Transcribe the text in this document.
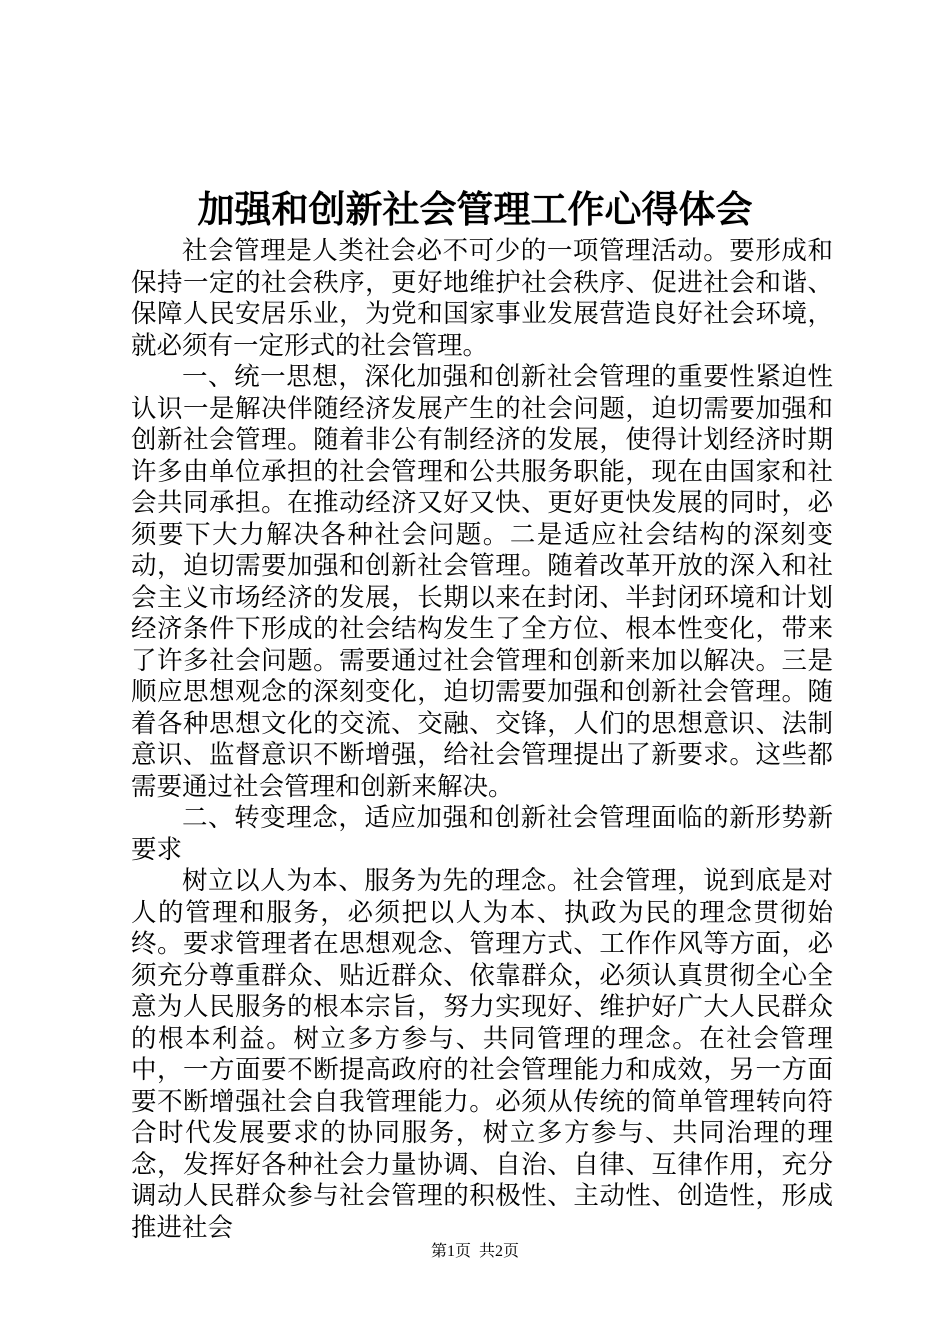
加强和创新社会管理工作心得体会

社会管理是人类社会必不可少的一项管理活动。要形成和保持一定的社会秩序，更好地维护社会秩序、促进社会和谐、保障人民安居乐业，为党和国家事业发展营造良好社会环境，就必须有一定形式的社会管理。

一、统一思想，深化加强和创新社会管理的重要性紧迫性认识一是解决伴随经济发展产生的社会问题，迫切需要加强和创新社会管理。随着非公有制经济的发展，使得计划经济时期许多由单位承担的社会管理和公共服务职能，现在由国家和社会共同承担。在推动经济又好又快、更好更快发展的同时，必须要下大力解决各种社会问题。二是适应社会结构的深刻变动，迫切需要加强和创新社会管理。随着改革开放的深入和社会主义市场经济的发展，长期以来在封闭、半封闭环境和计划经济条件下形成的社会结构发生了全方位、根本性变化，带来了许多社会问题。需要通过社会管理和创新来加以解决。三是顺应思想观念的深刻变化，迫切需要加强和创新社会管理。随着各种思想文化的交流、交融、交锋，人们的思想意识、法制意识、监督意识不断增强，给社会管理提出了新要求。这些都需要通过社会管理和创新来解决。

二、转变理念，适应加强和创新社会管理面临的新形势新要求

树立以人为本、服务为先的理念。社会管理，说到底是对人的管理和服务，必须把以人为本、执政为民的理念贯彻始终。要求管理者在思想观念、管理方式、工作作风等方面，必须充分尊重群众、贴近群众、依靠群众，必须认真贯彻全心全意为人民服务的根本宗旨，努力实现好、维护好广大人民群众的根本利益。树立多方参与、共同管理的理念。在社会管理中，一方面要不断提高政府的社会管理能力和成效，另一方面要不断增强社会自我管理能力。必须从传统的简单管理转向符合时代发展要求的协同服务，树立多方参与、共同治理的理念，发挥好各种社会力量协调、自治、自律、互律作用，充分调动人民群众参与社会管理的积极性、主动性、创造性，形成推进社会

第1页  共2页
